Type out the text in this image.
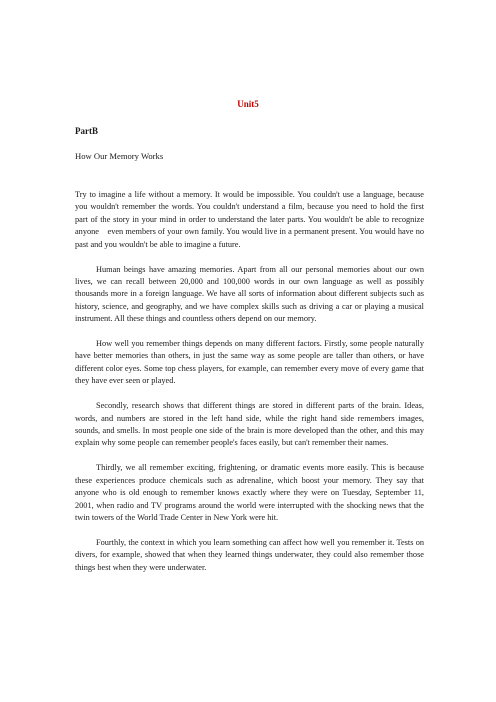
Unit5
PartB
How Our Memory Works

Try to imagine a life without a memory. It would be impossible. You couldn't use a language, because you wouldn't remember the words. You couldn't understand a film, because you need to hold the first part of the story in your mind in order to understand the later parts. You wouldn't be able to recognize anyone　even members of your own family. You would live in a permanent present. You would have no past and you wouldn't be able to imagine a future.

Human beings have amazing memories. Apart from all our personal memories about our own lives, we can recall between 20,000 and 100,000 words in our own language as well as possibly thousands more in a foreign language. We have all sorts of information about different subjects such as history, science, and geography, and we have complex skills such as driving a car or playing a musical instrument. All these things and countless others depend on our memory.

How well you remember things depends on many different factors. Firstly, some people naturally have better memories than others, in just the same way as some people are taller than others, or have different color eyes. Some top chess players, for example, can remember every move of every game that they have ever seen or played.

Secondly, research shows that different things are stored in different parts of the brain. Ideas, words, and numbers are stored in the left hand side, while the right hand side remembers images, sounds, and smells. In most people one side of the brain is more developed than the other, and this may explain why some people can remember people's faces easily, but can't remember their names.

Thirdly, we all remember exciting, frightening, or dramatic events more easily. This is because these experiences produce chemicals such as adrenaline, which boost your memory. They say that anyone who is old enough to remember knows exactly where they were on Tuesday, September 11, 2001, when radio and TV programs around the world were interrupted with the shocking news that the twin towers of the World Trade Center in New York were hit.

Fourthly, the context in which you learn something can affect how well you remember it. Tests on divers, for example, showed that when they learned things underwater, they could also remember those things best when they were underwater.
